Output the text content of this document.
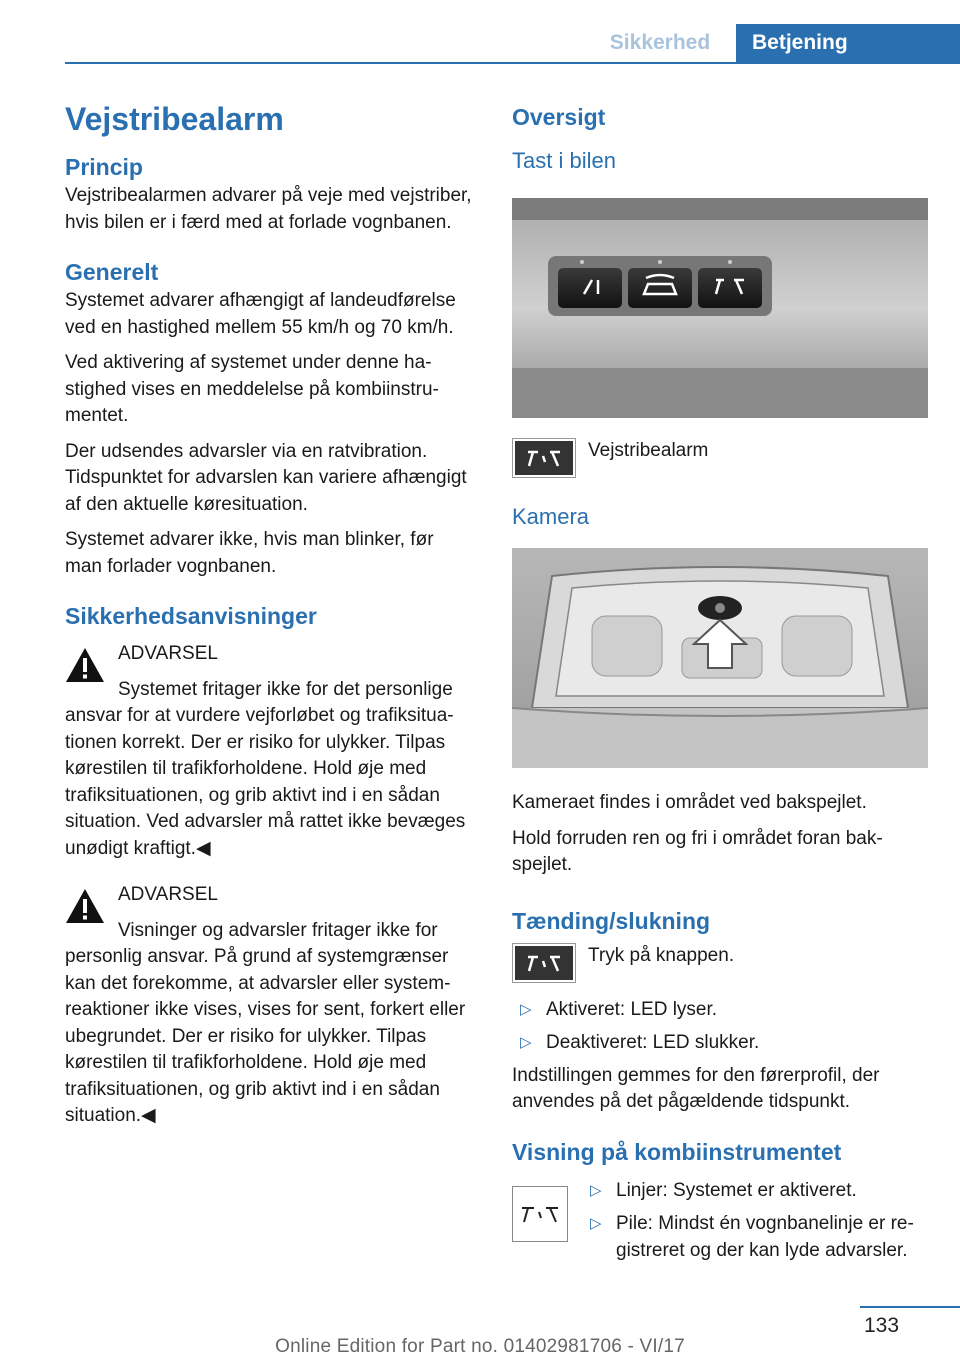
Sikkerhed	Betjening
Vejstribealarm
Princip

Vejstribealarmen advarer på veje med vejstriber, hvis bilen er i færd med at forlade vognbanen.

Generelt

Systemet advarer afhængigt af landeudførelse ved en hastighed mellem 55 km/h og 70 km/h.

Ved aktivering af systemet under denne hastighed vises en meddelelse på kombiinstrumentet.

Der udsendes advarsler via en ratvibration. Tidspunktet for advarslen kan variere afhængigt af den aktuelle køresituation.

Systemet advarer ikke, hvis man blinker, før man forlader vognbanen.

Sikkerhedsanvisninger

ADVARSEL

Systemet fritager ikke for det personlige ansvar for at vurdere vejforløbet og trafiksituationen korrekt. Der er risiko for ulykker. Tilpas kørestilen til trafikforholdene. Hold øje med trafiksituationen, og grib aktivt ind i en sådan situation. Ved advarsler må rattet ikke bevæges unødigt kraftigt.◀

ADVARSEL

Visninger og advarsler fritager ikke for personlig ansvar. På grund af systemgrænser kan det forekomme, at advarsler eller systemreaktioner ikke vises, vises for sent, forkert eller ubegrundet. Der er risiko for ulykker. Tilpas kørestilen til trafikforholdene. Hold øje med trafiksituationen, og grib aktivt ind i en sådan situation.◀

Oversigt
Tast i bilen

Vejstribealarm

Kamera

Kameraet findes i området ved bakspejlet.

Hold forruden ren og fri i området foran bakspejlet.

Tænding/slukning

Tryk på knappen.

▷
Aktiveret: LED lyser.
▷
Deaktiveret: LED slukker.

Indstillingen gemmes for den førerprofil, der anvendes på det pågældende tidspunkt.

Visning på kombiinstrumentet
▷
Linjer: Systemet er aktiveret.
▷
Pile: Mindst én vognbanelinje er registreret og der kan lyde advarsler.
133
Online Edition for Part no. 01402981706 - VI/17
